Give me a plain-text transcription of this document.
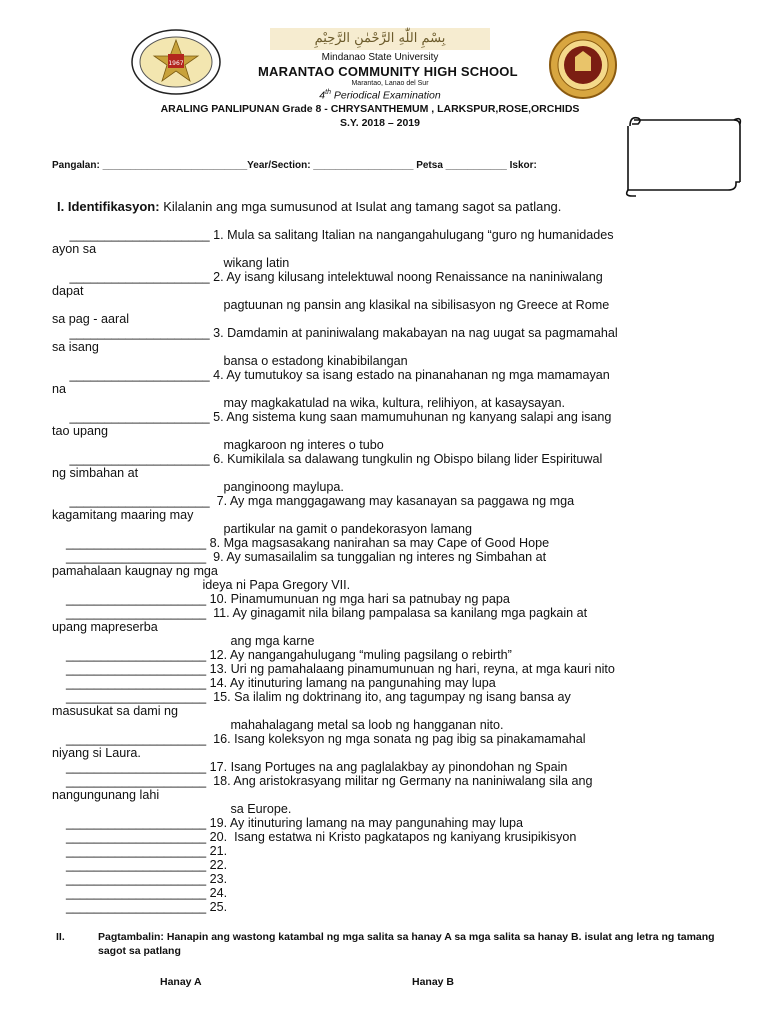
1967
بِسْمِ اللّٰهِ الرَّحْمٰنِ الرَّحِيْمِ
Mindanao State University
MARANTAO COMMUNITY HIGH SCHOOL
Marantao, Lanao del Sur
4th Periodical Examination
ARALING PANLIPUNAN Grade 8 - CHRYSANTHEMUM , LARKSPUR,ROSE,ORCHIDS
S.Y. 2018 – 2019
Pangalan: __________________________Year/Section: __________________ Petsa ___________ Iskor:
I. Identifikasyon: Kilalanin ang mga sumusunod at Isulat ang tamang sagot sa patlang.
____________________ 1. Mula sa salitang Italian na nangangahulugang “guro ng humanidades
ayon sa
wikang latin
____________________ 2. Ay isang kilusang intelektuwal noong Renaissance na naniniwalang
dapat
pagtuunan ng pansin ang klasikal na sibilisasyon ng Greece at Rome
sa pag - aaral
____________________ 3. Damdamin at paniniwalang makabayan na nag uugat sa pagmamahal
sa isang
bansa o estadong kinabibilangan
____________________ 4. Ay tumutukoy sa isang estado na pinanahanan ng mga mamamayan
na
may magkakatulad na wika, kultura, relihiyon, at kasaysayan.
____________________ 5. Ang sistema kung saan mamumuhunan ng kanyang salapi ang isang
tao upang
magkaroon ng interes o tubo
____________________ 6. Kumikilala sa dalawang tungkulin ng Obispo bilang lider Espirituwal
ng simbahan at
panginoong maylupa.
____________________  7. Ay mga manggagawang may kasanayan sa paggawa ng mga
kagamitang maaring may
partikular na gamit o pandekorasyon lamang
____________________ 8. Mga magsasakang nanirahan sa may Cape of Good Hope
____________________  9. Ay sumasailalim sa tunggalian ng interes ng Simbahan at
pamahalaan kaugnay ng mga
ideya ni Papa Gregory VII.
____________________ 10. Pinamumunuan ng mga hari sa patnubay ng papa
____________________  11. Ay ginagamit nila bilang pampalasa sa kanilang mga pagkain at
upang mapreserba
ang mga karne
____________________ 12. Ay nangangahulugang “muling pagsilang o rebirth”
____________________ 13. Uri ng pamahalaang pinamumunuan ng hari, reyna, at mga kauri nito
____________________ 14. Ay itinuturing lamang na pangunahing may lupa
____________________  15. Sa ilalim ng doktrinang ito, ang tagumpay ng isang bansa ay
masusukat sa dami ng
mahahalagang metal sa loob ng hangganan nito.
____________________  16. Isang koleksyon ng mga sonata ng pag ibig sa pinakamamahal
niyang si Laura.
____________________ 17. Isang Portuges na ang paglalakbay ay pinondohan ng Spain
____________________  18. Ang aristokrasyang militar ng Germany na naniniwalang sila ang
nangungunang lahi
sa Europe.
____________________ 19. Ay itinuturing lamang na may pangunahing may lupa
____________________ 20.  Isang estatwa ni Kristo pagkatapos ng kaniyang krusipikisyon
____________________ 21.
____________________ 22.
____________________ 23.
____________________ 24.
____________________ 25.
II.	Pagtambalin: Hanapin ang wastong katambal ng mga salita sa hanay A sa mga salita sa hanay B. isulat ang letra ng tamang sagot sa patlang
Hanay A	Hanay B
